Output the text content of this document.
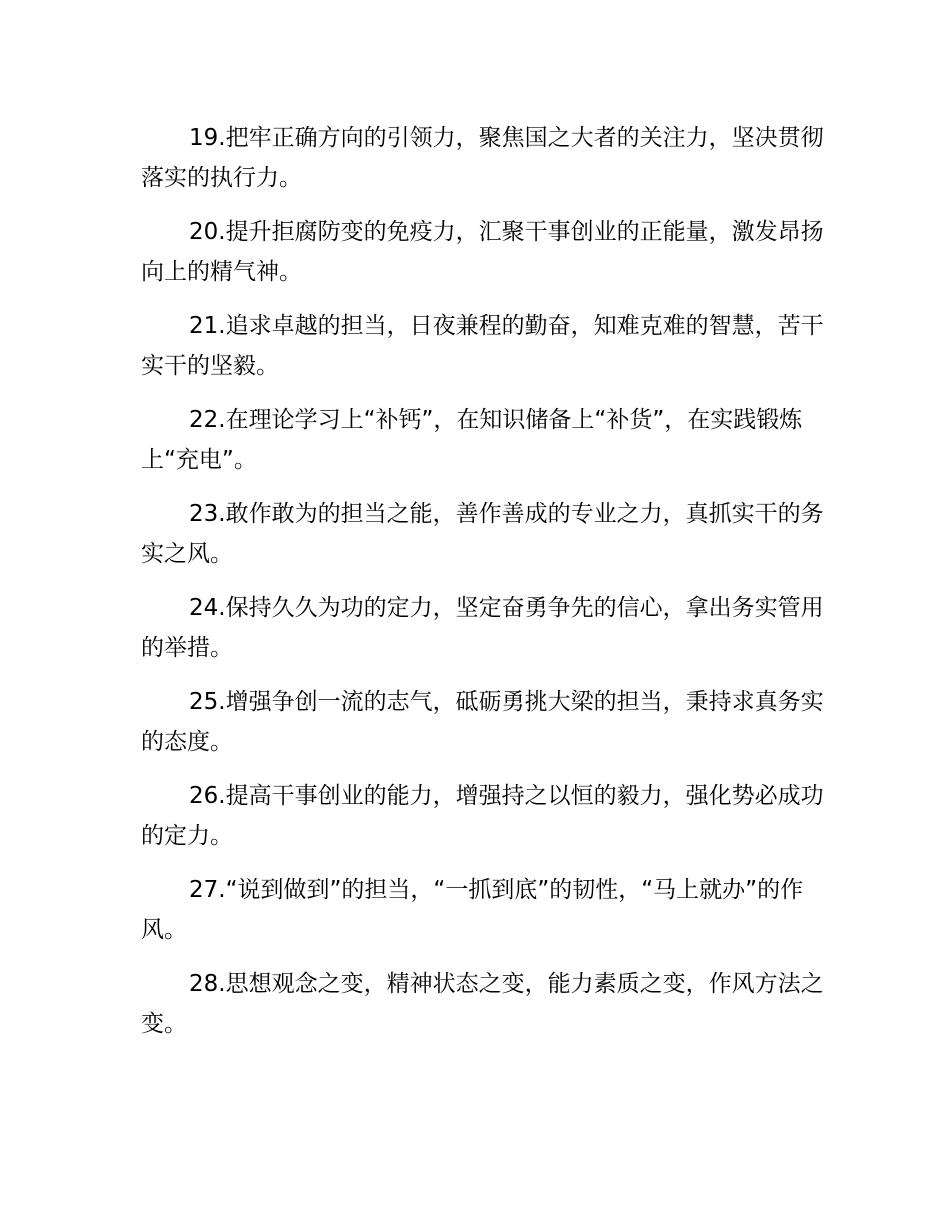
19.把牢正确方向的引领力，聚焦国之大者的关注力，坚决贯彻落实的执行力。

20.提升拒腐防变的免疫力，汇聚干事创业的正能量，激发昂扬向上的精气神。

21.追求卓越的担当，日夜兼程的勤奋，知难克难的智慧，苦干实干的坚毅。

22.在理论学习上“补钙”，在知识储备上“补货”，在实践锻炼上“充电”。

23.敢作敢为的担当之能，善作善成的专业之力，真抓实干的务实之风。

24.保持久久为功的定力，坚定奋勇争先的信心，拿出务实管用的举措。

25.增强争创一流的志气，砥砺勇挑大梁的担当，秉持求真务实的态度。

26.提高干事创业的能力，增强持之以恒的毅力，强化势必成功的定力。

27.“说到做到”的担当，“一抓到底”的韧性，“马上就办”的作风。

28.思想观念之变，精神状态之变，能力素质之变，作风方法之变。
